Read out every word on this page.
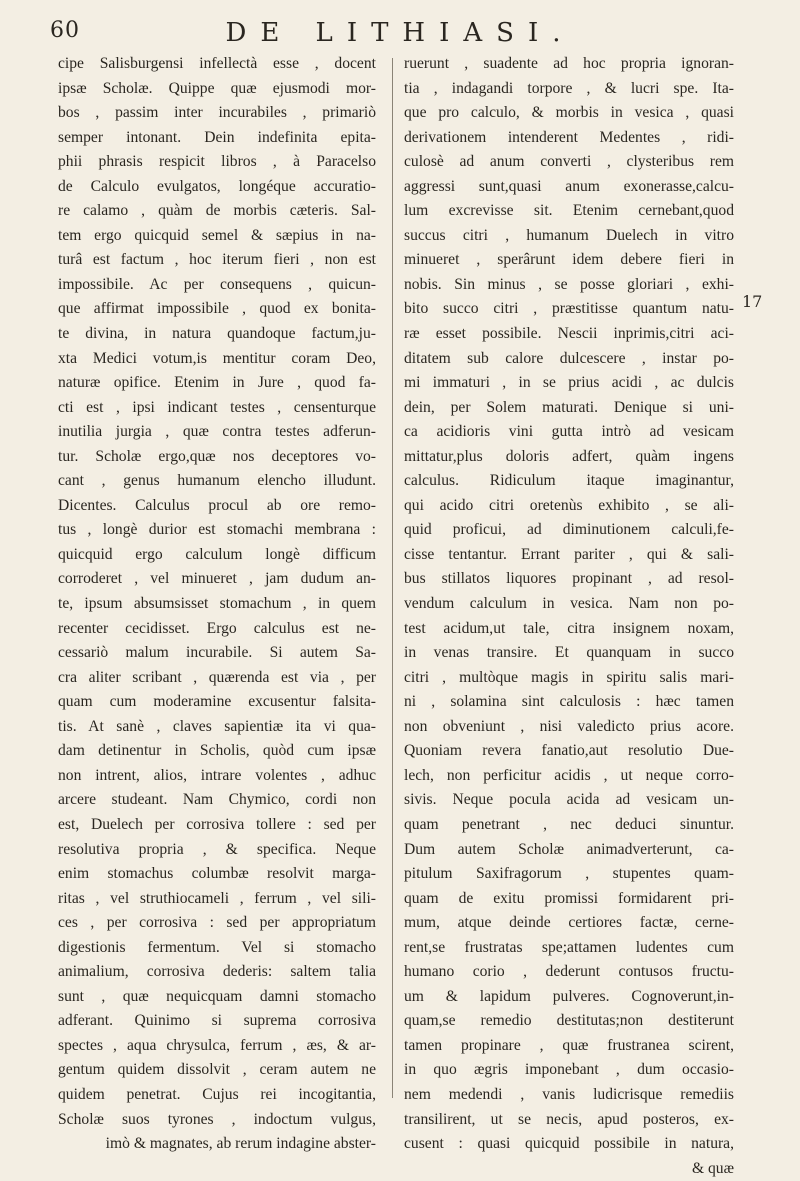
60	DE LITHIASI.
cipe Salisburgensi infellectà esse , docent
ipsæ Scholæ. Quippe quæ ejusmodi mor-
bos , passim inter incurabiles , primariò
semper intonant. Dein indefinita epita-
phii phrasis respicit libros , à Paracelso
de Calculo evulgatos, longéque accuratio-
re calamo , quàm de morbis cæteris. Sal-
tem ergo quicquid semel & sæpius in na-
turâ est factum , hoc iterum fieri , non est
impossibile. Ac per consequens , quicun-
que affirmat impossibile , quod ex bonita-
te divina, in natura quandoque factum,ju-
xta Medici votum,is mentitur coram Deo,
naturæ opifice. Etenim in Jure , quod fa-
cti est , ipsi indicant testes , censenturque
inutilia jurgia , quæ contra testes adferun-
tur. Scholæ ergo,quæ nos deceptores vo-
cant , genus humanum elencho illudunt.
Dicentes. Calculus procul ab ore remo-
tus , longè durior est stomachi membrana :
quicquid ergo calculum longè difficum
corroderet , vel minueret , jam dudum an-
te, ipsum absumsisset stomachum , in quem
recenter cecidisset. Ergo calculus est ne-
cessariò malum incurabile. Si autem Sa-
cra aliter scribant , quærenda est via , per
quam cum moderamine excusentur falsita-
tis. At sanè , claves sapientiæ ita vi qua-
dam detinentur in Scholis, quòd cum ipsæ
non intrent, alios, intrare volentes , adhuc
arcere studeant. Nam Chymico, cordi non
est, Duelech per corrosiva tollere : sed per
resolutiva propria , & specifica. Neque
enim stomachus columbæ resolvit marga-
ritas , vel struthiocameli , ferrum , vel sili-
ces , per corrosiva : sed per appropriatum
digestionis fermentum. Vel si stomacho
animalium, corrosiva dederis: saltem talia
sunt , quæ nequicquam damni stomacho
adferant. Quinimo si suprema corrosiva
spectes , aqua chrysulca, ferrum , æs, & ar-
gentum quidem dissolvit , ceram autem ne
quidem penetrat. Cujus rei incogitantia,
Scholæ suos tyrones , indoctum vulgus,
imò & magnates, ab rerum indagine abster-
ruerunt , suadente ad hoc propria ignoran-
tia , indagandi torpore , & lucri spe. Ita-
que pro calculo, & morbis in vesica , quasi
derivationem intenderent Medentes , ridi-
culosè ad anum converti , clysteribus rem
aggressi sunt,quasi anum exonerasse,calcu-
lum excrevisse sit. Etenim cernebant,quod
succus citri , humanum Duelech in vitro
minueret , sperârunt idem debere fieri in
nobis. Sin minus , se posse gloriari , exhi-
bito succo citri , præstitisse quantum natu-
ræ esset possibile. Nescii inprimis,citri aci-
ditatem sub calore dulcescere , instar po-
mi immaturi , in se prius acidi , ac dulcis
dein, per Solem maturati. Denique si uni-
ca acidioris vini gutta intrò ad vesicam
mittatur,plus doloris adfert, quàm ingens
calculus. Ridiculum itaque imaginantur,
qui acido citri oretenùs exhibito , se ali-
quid proficui, ad diminutionem calculi,fe-
cisse tentantur. Errant pariter , qui & sali-
bus stillatos liquores propinant , ad resol-
vendum calculum in vesica. Nam non po-
test acidum,ut tale, citra insignem noxam,
in venas transire. Et quanquam in succo
citri , multòque magis in spiritu salis mari-
ni , solamina sint calculosis : hæc tamen
non obveniunt , nisi valedicto prius acore.
Quoniam revera fanatio,aut resolutio Due-
lech, non perficitur acidis , ut neque corro-
sivis. Neque pocula acida ad vesicam un-
quam penetrant , nec deduci sinuntur.
Dum autem Scholæ animadverterunt, ca-
pitulum Saxifragorum , stupentes quam-
quam de exitu promissi formidarent pri-
mum, atque deinde certiores factæ, cerne-
rent,se frustratas spe;attamen ludentes cum
humano corio , dederunt contusos fructu-
um & lapidum pulveres. Cognoverunt,in-
quam,se remedio destitutas;non destiterunt
tamen propinare , quæ frustranea scirent,
in quo ægris imponebant , dum occasio-
nem medendi , vanis ludicrisque remediis
transilirent, ut se necis, apud posteros, ex-
cusent : quasi quicquid possibile in natura,
& quæ
17
